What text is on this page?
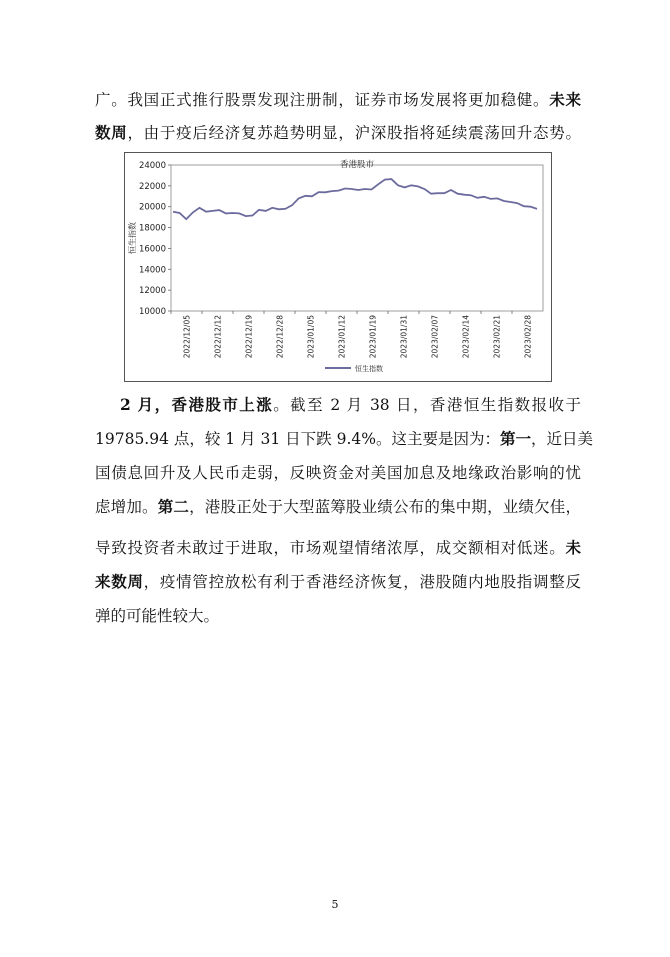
广。我国正式推行股票发现注册制，证券市场发展将更加稳健。未来
数周，由于疫后经济复苏趋势明显，沪深股指将延续震荡回升态势。
24000
22000
20000
18000
16000
14000
12000
10000
恒生指数
香港股市
2022/12/05	2022/12/12	2022/12/19	2022/12/28	2023/01/05	2023/01/12	2023/01/19	2023/01/31	2023/02/07	2023/02/14	2023/02/21	2023/02/28
恒生指数
2 月，香港股市上涨。截至 2 月 38 日，香港恒生指数报收于
19785.94 点，较 1 月 31 日下跌 9.4%。这主要是因为：第一，近日美
国债息回升及人民币走弱，反映资金对美国加息及地缘政治影响的忧
虑增加。第二，港股正处于大型蓝筹股业绩公布的集中期，业绩欠佳，
导致投资者未敢过于进取，市场观望情绪浓厚，成交额相对低迷。未
来数周，疫情管控放松有利于香港经济恢复，港股随内地股指调整反
弹的可能性较大。
5
